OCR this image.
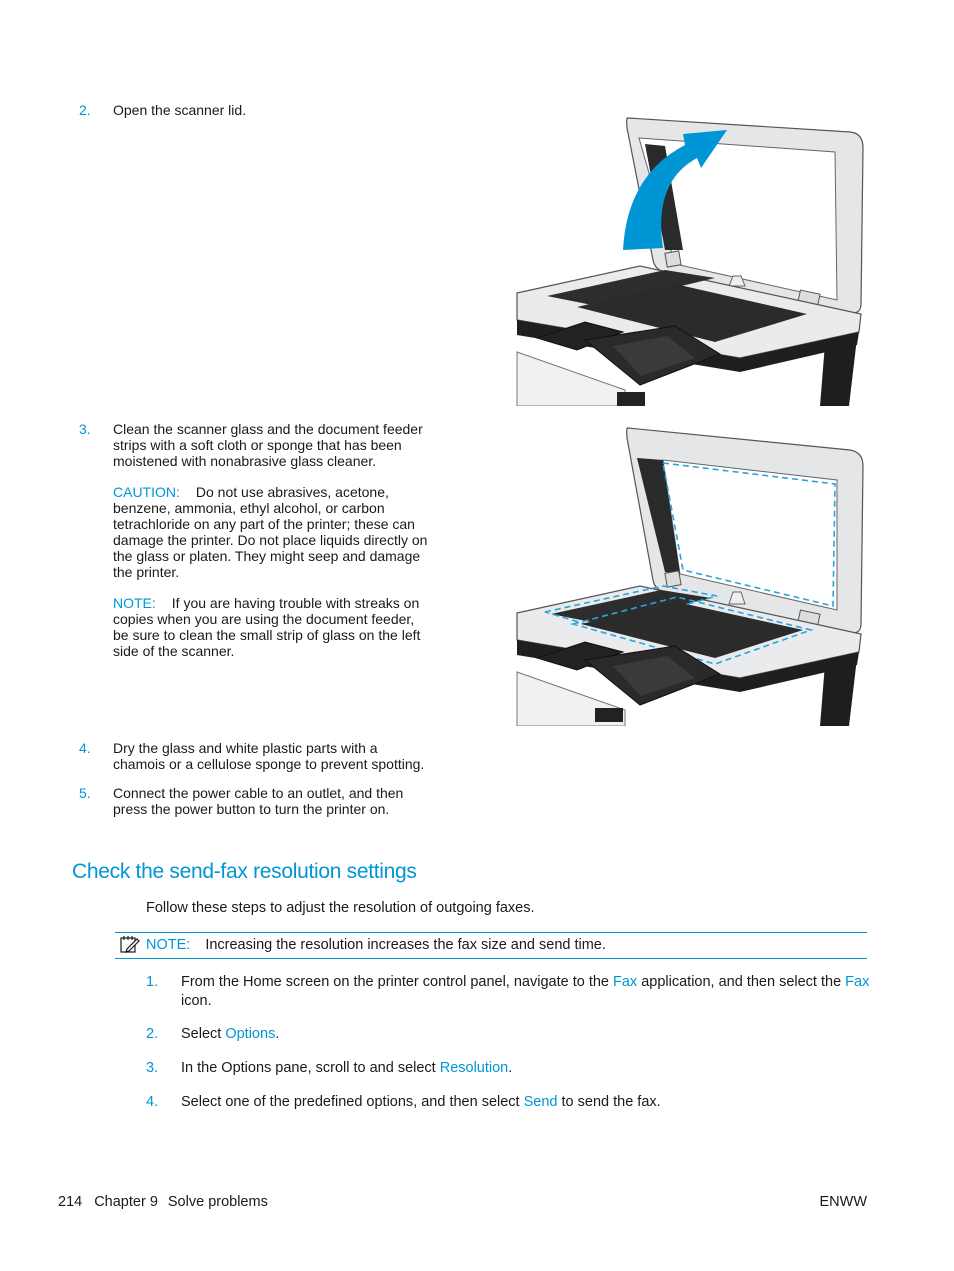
2. Open the scanner lid.
3. Clean the scanner glass and the document feeder
strips with a soft cloth or sponge that has been
moistened with nonabrasive glass cleaner.
CAUTION: Do not use abrasives, acetone,
benzene, ammonia, ethyl alcohol, or carbon
tetrachloride on any part of the printer; these can
damage the printer. Do not place liquids directly on
the glass or platen. They might seep and damage
the printer.
NOTE: If you are having trouble with streaks on
copies when you are using the document feeder,
be sure to clean the small strip of glass on the left
side of the scanner.
4. Dry the glass and white plastic parts with a
chamois or a cellulose sponge to prevent spotting.
5. Connect the power cable to an outlet, and then
press the power button to turn the printer on.
Check the send-fax resolution settings
Follow these steps to adjust the resolution of outgoing faxes.
NOTE: Increasing the resolution increases the fax size and send time.
1. From the Home screen on the printer control panel, navigate to the Fax application, and then select the Fax
icon.
2. Select Options.
3. In the Options pane, scroll to and select Resolution.
4. Select one of the predefined options, and then select Send to send the fax.
214 Chapter 9 Solve problems	ENWW
